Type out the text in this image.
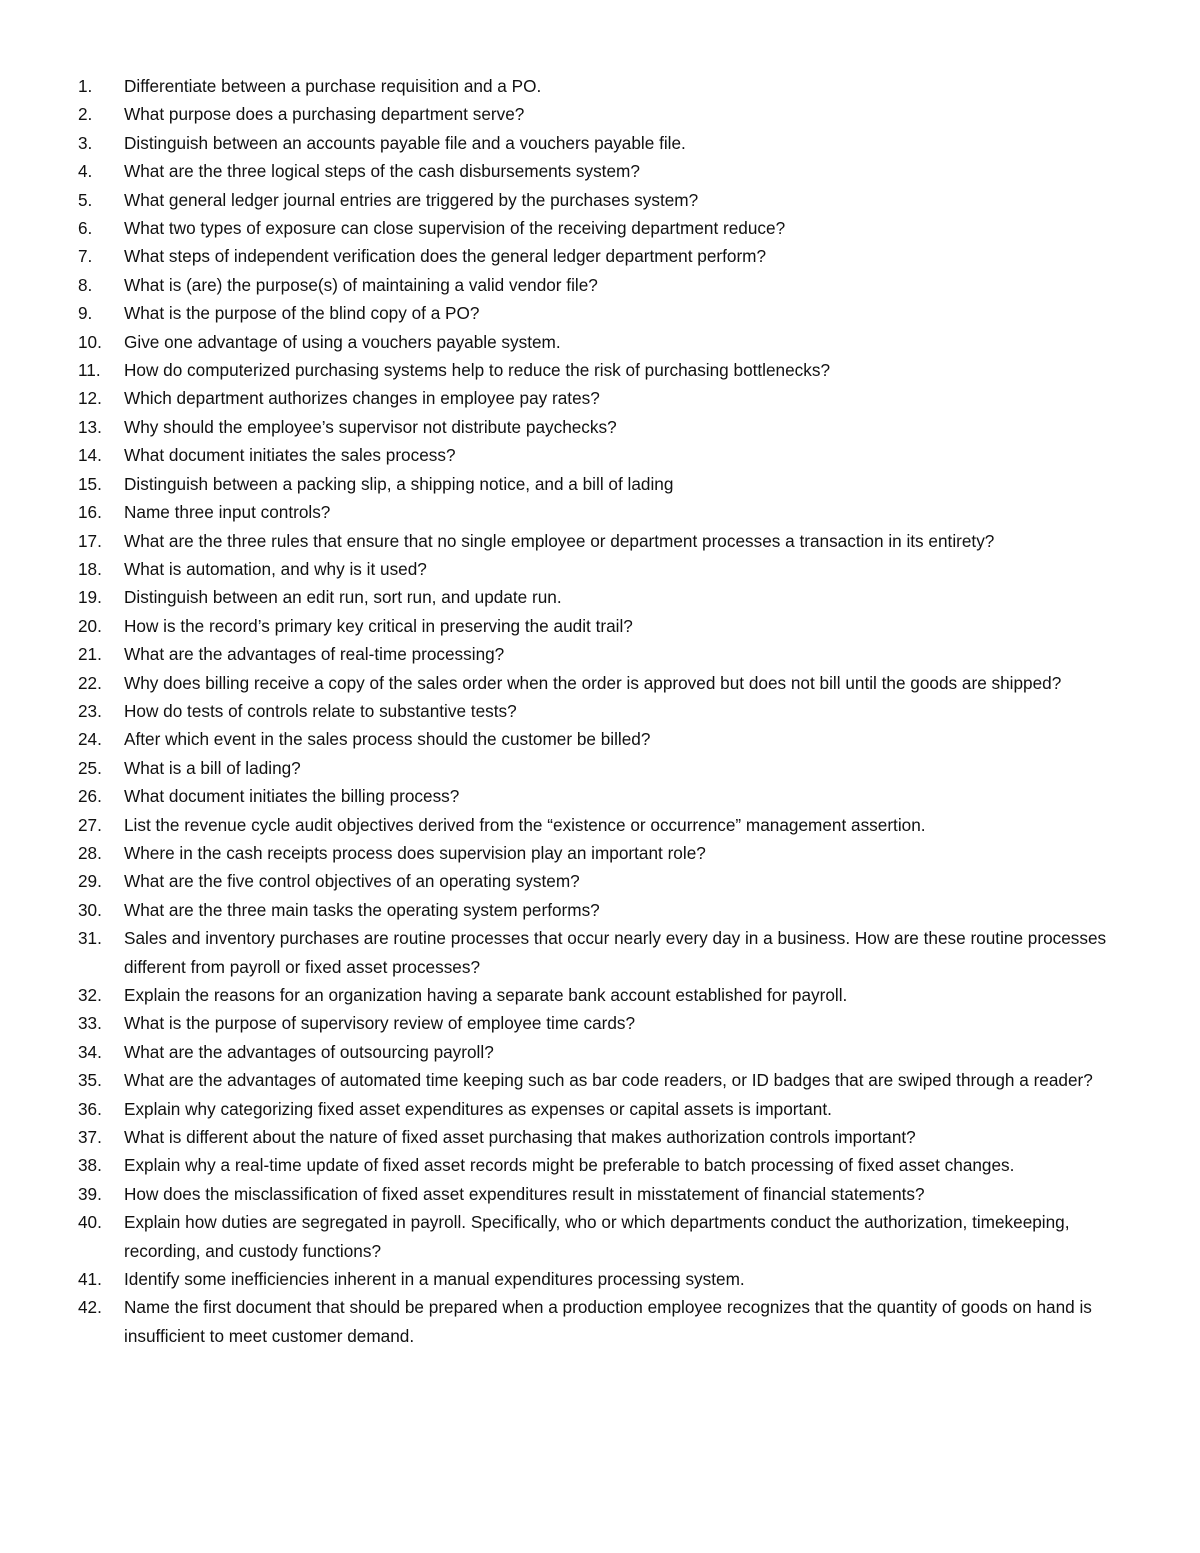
1.	Differentiate between a purchase requisition and a PO.
2.	What purpose does a purchasing department serve?
3.	Distinguish between an accounts payable file and a vouchers payable file.
4.	What are the three logical steps of the cash disbursements system?
5.	What general ledger journal entries are triggered by the purchases system?
6.	What two types of exposure can close supervision of the receiving department reduce?
7.	What steps of independent verification does the general ledger department perform?
8.	What is (are) the purpose(s) of maintaining a valid vendor file?
9.	What is the purpose of the blind copy of a PO?
10.	Give one advantage of using a vouchers payable system.
11.	How do computerized purchasing systems help to reduce the risk of purchasing bottlenecks?
12.	Which department authorizes changes in employee pay rates?
13.	Why should the employee’s supervisor not distribute paychecks?
14.	What document initiates the sales process?
15.	Distinguish between a packing slip, a shipping notice, and a bill of lading
16.	Name three input controls?
17.	What are the three rules that ensure that no single employee or department processes a transaction in its entirety?
18.	What is automation, and why is it used?
19.	Distinguish between an edit run, sort run, and update run.
20.	How is the record’s primary key critical in preserving the audit trail?
21.	What are the advantages of real-time processing?
22.	Why does billing receive a copy of the sales order when the order is approved but does not bill until the goods are shipped?
23.	How do tests of controls relate to substantive tests?
24.	After which event in the sales process should the customer be billed?
25.	What is a bill of lading?
26.	What document initiates the billing process?
27.	List the revenue cycle audit objectives derived from the “existence or occurrence” management assertion.
28.	Where in the cash receipts process does supervision play an important role?
29.	What are the five control objectives of an operating system?
30.	What are the three main tasks the operating system performs?
31.	Sales and inventory purchases are routine processes that occur nearly every day in a business. How are these routine processes different from payroll or fixed asset processes?
32.	Explain the reasons for an organization having a separate bank account established for payroll.
33.	What is the purpose of supervisory review of employee time cards?
34.	What are the advantages of outsourcing payroll?
35.	What are the advantages of automated time keeping such as bar code readers, or ID badges that are swiped through a reader?
36.	Explain why categorizing fixed asset expenditures as expenses or capital assets is important.
37.	What is different about the nature of fixed asset purchasing that makes authorization controls important?
38.	Explain why a real-time update of fixed asset records might be preferable to batch processing of fixed asset changes.
39.	How does the misclassification of fixed asset expenditures result in misstatement of financial statements?
40.	Explain how duties are segregated in payroll. Specifically, who or which departments conduct the authorization, timekeeping, recording, and custody functions?
41.	Identify some inefficiencies inherent in a manual expenditures processing system.
42.	Name the first document that should be prepared when a production employee recognizes that the quantity of goods on hand is insufficient to meet customer demand.
